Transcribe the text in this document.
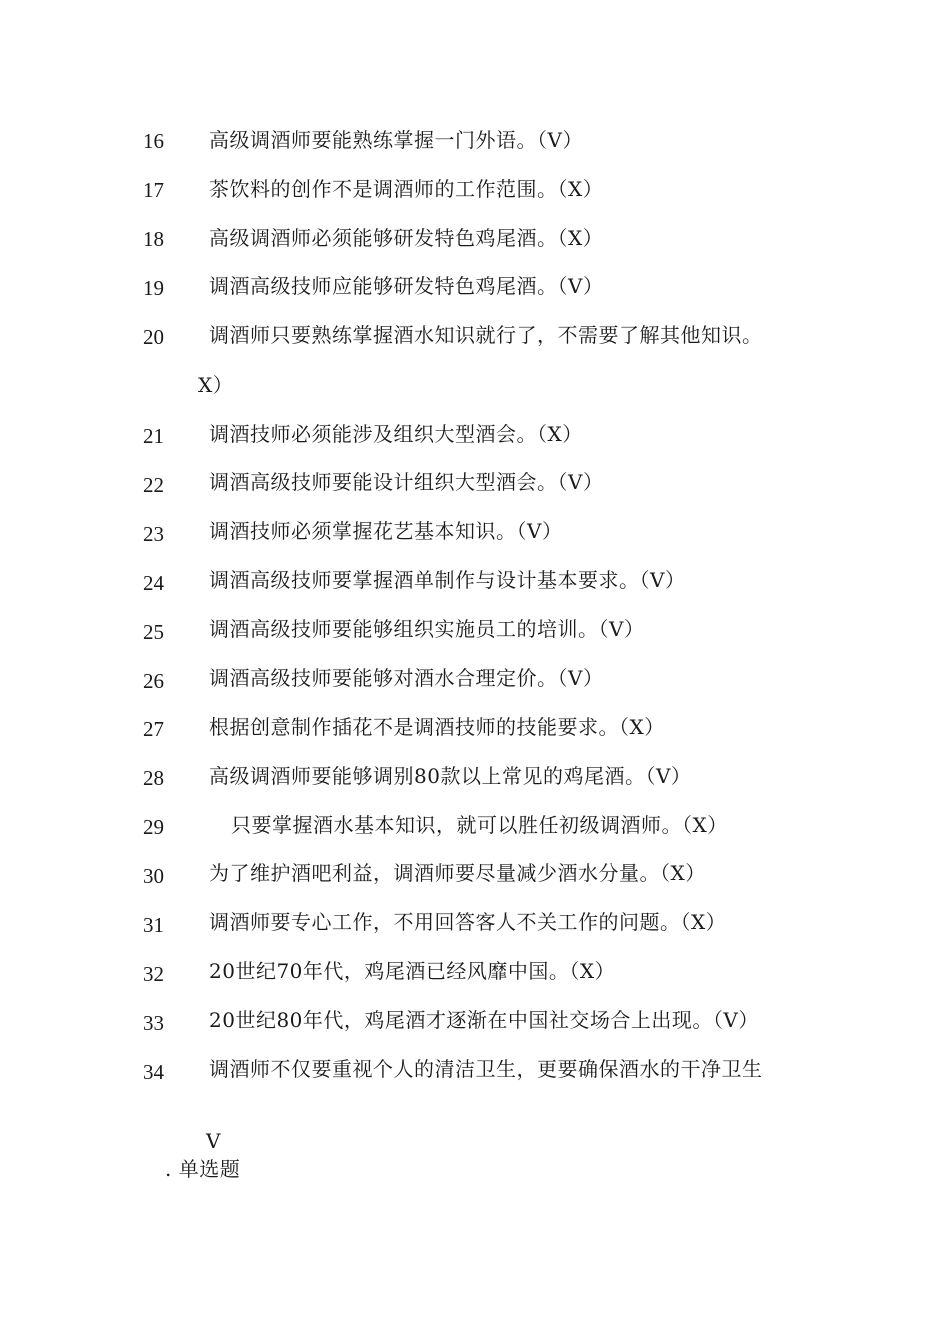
16 高级调酒师要能熟练掌握一门外语。（V）
17 茶饮料的创作不是调酒师的工作范围。（X）
18 高级调酒师必须能够研发特色鸡尾酒。（X）
19 调酒高级技师应能够研发特色鸡尾酒。（V）
20 调酒师只要熟练掌握酒水知识就行了，不需要了解其他知识。
X）
21 调酒技师必须能涉及组织大型酒会。（X）
22 调酒高级技师要能设计组织大型酒会。（V）
23 调酒技师必须掌握花艺基本知识。（V）
24 调酒高级技师要掌握酒单制作与设计基本要求。（V）
25 调酒高级技师要能够组织实施员工的培训。（V）
26 调酒高级技师要能够对酒水合理定价。（V）
27 根据创意制作插花不是调酒技师的技能要求。（X）
28 高级调酒师要能够调别80款以上常见的鸡尾酒。（V）
29	只要掌握酒水基本知识，就可以胜任初级调酒师。（X）
30 为了维护酒吧利益，调酒师要尽量减少酒水分量。（X）
31 调酒师要专心工作，不用回答客人不关工作的问题。（X）
32 20世纪70年代，鸡尾酒已经风靡中国。（X）
33 20世纪80年代，鸡尾酒才逐渐在中国社交场合上出现。（V）
34 调酒师不仅要重视个人的清洁卫生，更要确保酒水的干净卫生
V
. 单选题
